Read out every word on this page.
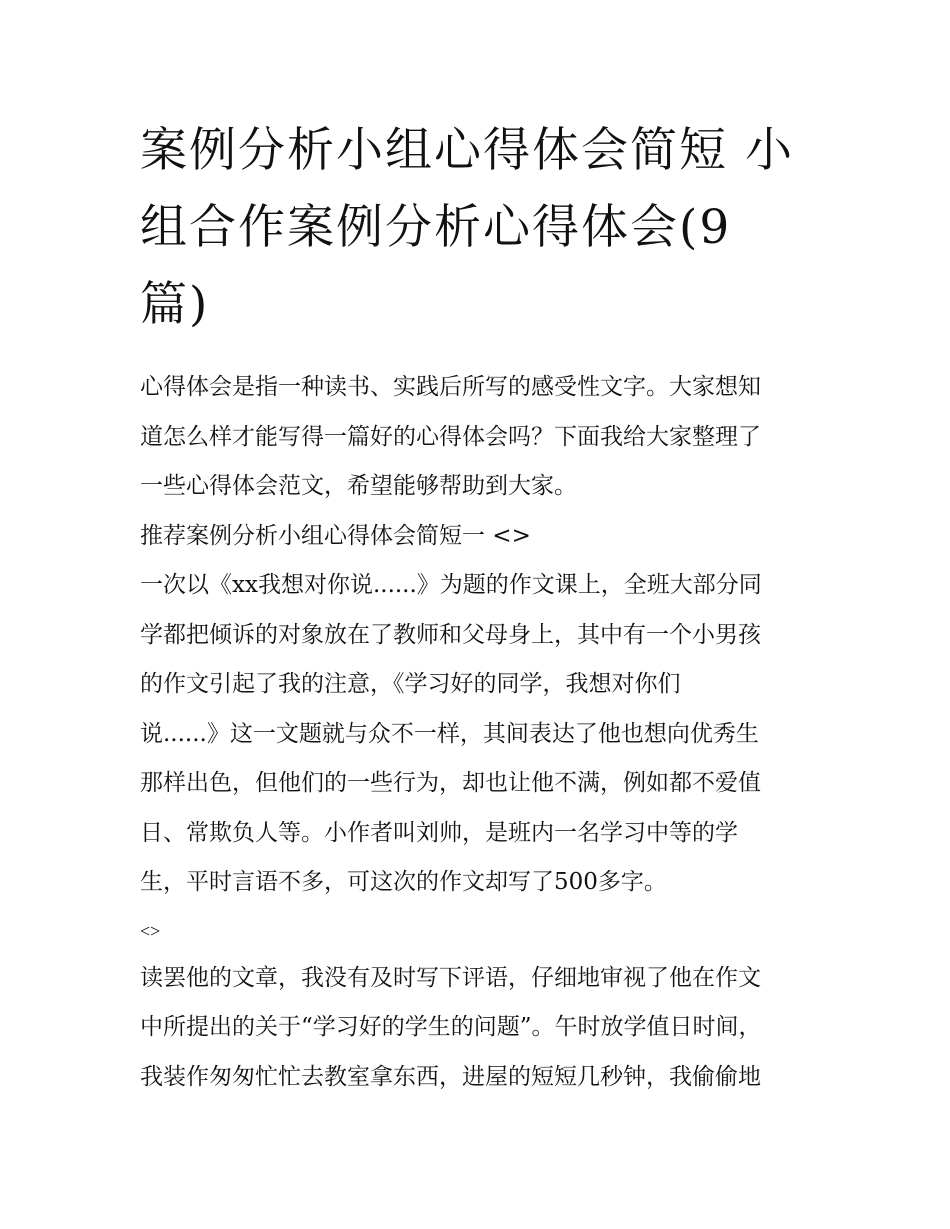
案例分析小组心得体会简短 小
组合作案例分析心得体会(9
篇)

心得体会是指一种读书、实践后所写的感受性文字。大家想知
道怎么样才能写得一篇好的心得体会吗？下面我给大家整理了
一些心得体会范文，希望能够帮助到大家。

推荐案例分析小组心得体会简短一 <>

一次以《xx我想对你说......》为题的作文课上，全班大部分同
学都把倾诉的对象放在了教师和父母身上，其中有一个小男孩
的作文引起了我的注意，《学习好的同学，我想对你们
说......》这一文题就与众不一样，其间表达了他也想向优秀生
那样出色，但他们的一些行为，却也让他不满，例如都不爱值
日、常欺负人等。小作者叫刘帅，是班内一名学习中等的学
生，平时言语不多，可这次的作文却写了500多字。

<>

读罢他的文章，我没有及时写下评语，仔细地审视了他在作文
中所提出的关于“学习好的学生的问题”。午时放学值日时间，
我装作匆匆忙忙去教室拿东西，进屋的短短几秒钟，我偷偷地
